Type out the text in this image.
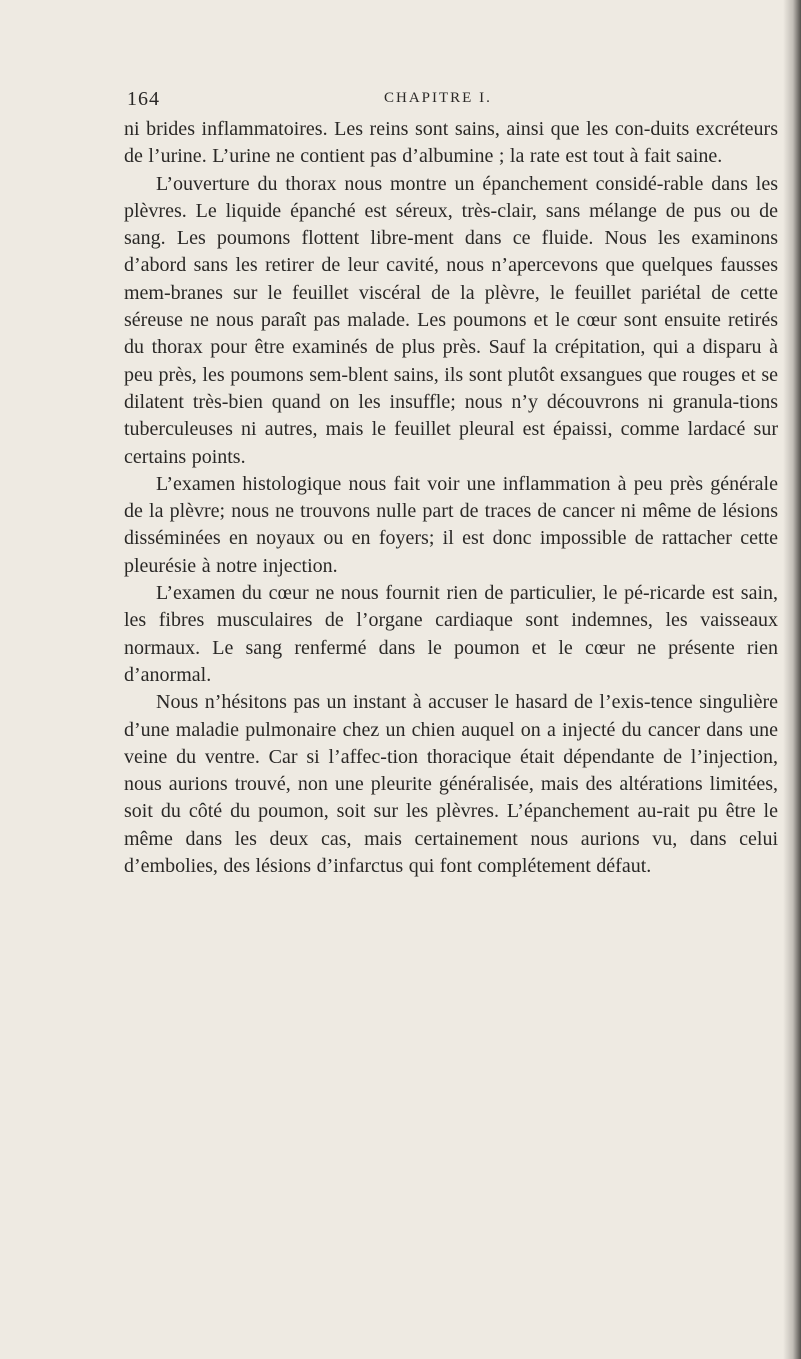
164	CHAPITRE I.

ni brides inflammatoires. Les reins sont sains, ainsi que les con-duits excréteurs de l’urine. L’urine ne contient pas d’albumine ; la rate est tout à fait saine.

L’ouverture du thorax nous montre un épanchement considé-rable dans les plèvres. Le liquide épanché est séreux, très-clair, sans mélange de pus ou de sang. Les poumons flottent libre-ment dans ce fluide. Nous les examinons d’abord sans les retirer de leur cavité, nous n’apercevons que quelques fausses mem-branes sur le feuillet viscéral de la plèvre, le feuillet pariétal de cette séreuse ne nous paraît pas malade. Les poumons et le cœur sont ensuite retirés du thorax pour être examinés de plus près. Sauf la crépitation, qui a disparu à peu près, les poumons sem-blent sains, ils sont plutôt exsangues que rouges et se dilatent très-bien quand on les insuffle; nous n’y découvrons ni granula-tions tuberculeuses ni autres, mais le feuillet pleural est épaissi, comme lardacé sur certains points.

L’examen histologique nous fait voir une inflammation à peu près générale de la plèvre; nous ne trouvons nulle part de traces de cancer ni même de lésions disséminées en noyaux ou en foyers; il est donc impossible de rattacher cette pleurésie à notre injection.

L’examen du cœur ne nous fournit rien de particulier, le pé-ricarde est sain, les fibres musculaires de l’organe cardiaque sont indemnes, les vaisseaux normaux. Le sang renfermé dans le poumon et le cœur ne présente rien d’anormal.

Nous n’hésitons pas un instant à accuser le hasard de l’exis-tence singulière d’une maladie pulmonaire chez un chien auquel on a injecté du cancer dans une veine du ventre. Car si l’affec-tion thoracique était dépendante de l’injection, nous aurions trouvé, non une pleurite généralisée, mais des altérations limitées, soit du côté du poumon, soit sur les plèvres. L’épanchement au-rait pu être le même dans les deux cas, mais certainement nous aurions vu, dans celui d’embolies, des lésions d’infarctus qui font complétement défaut.
